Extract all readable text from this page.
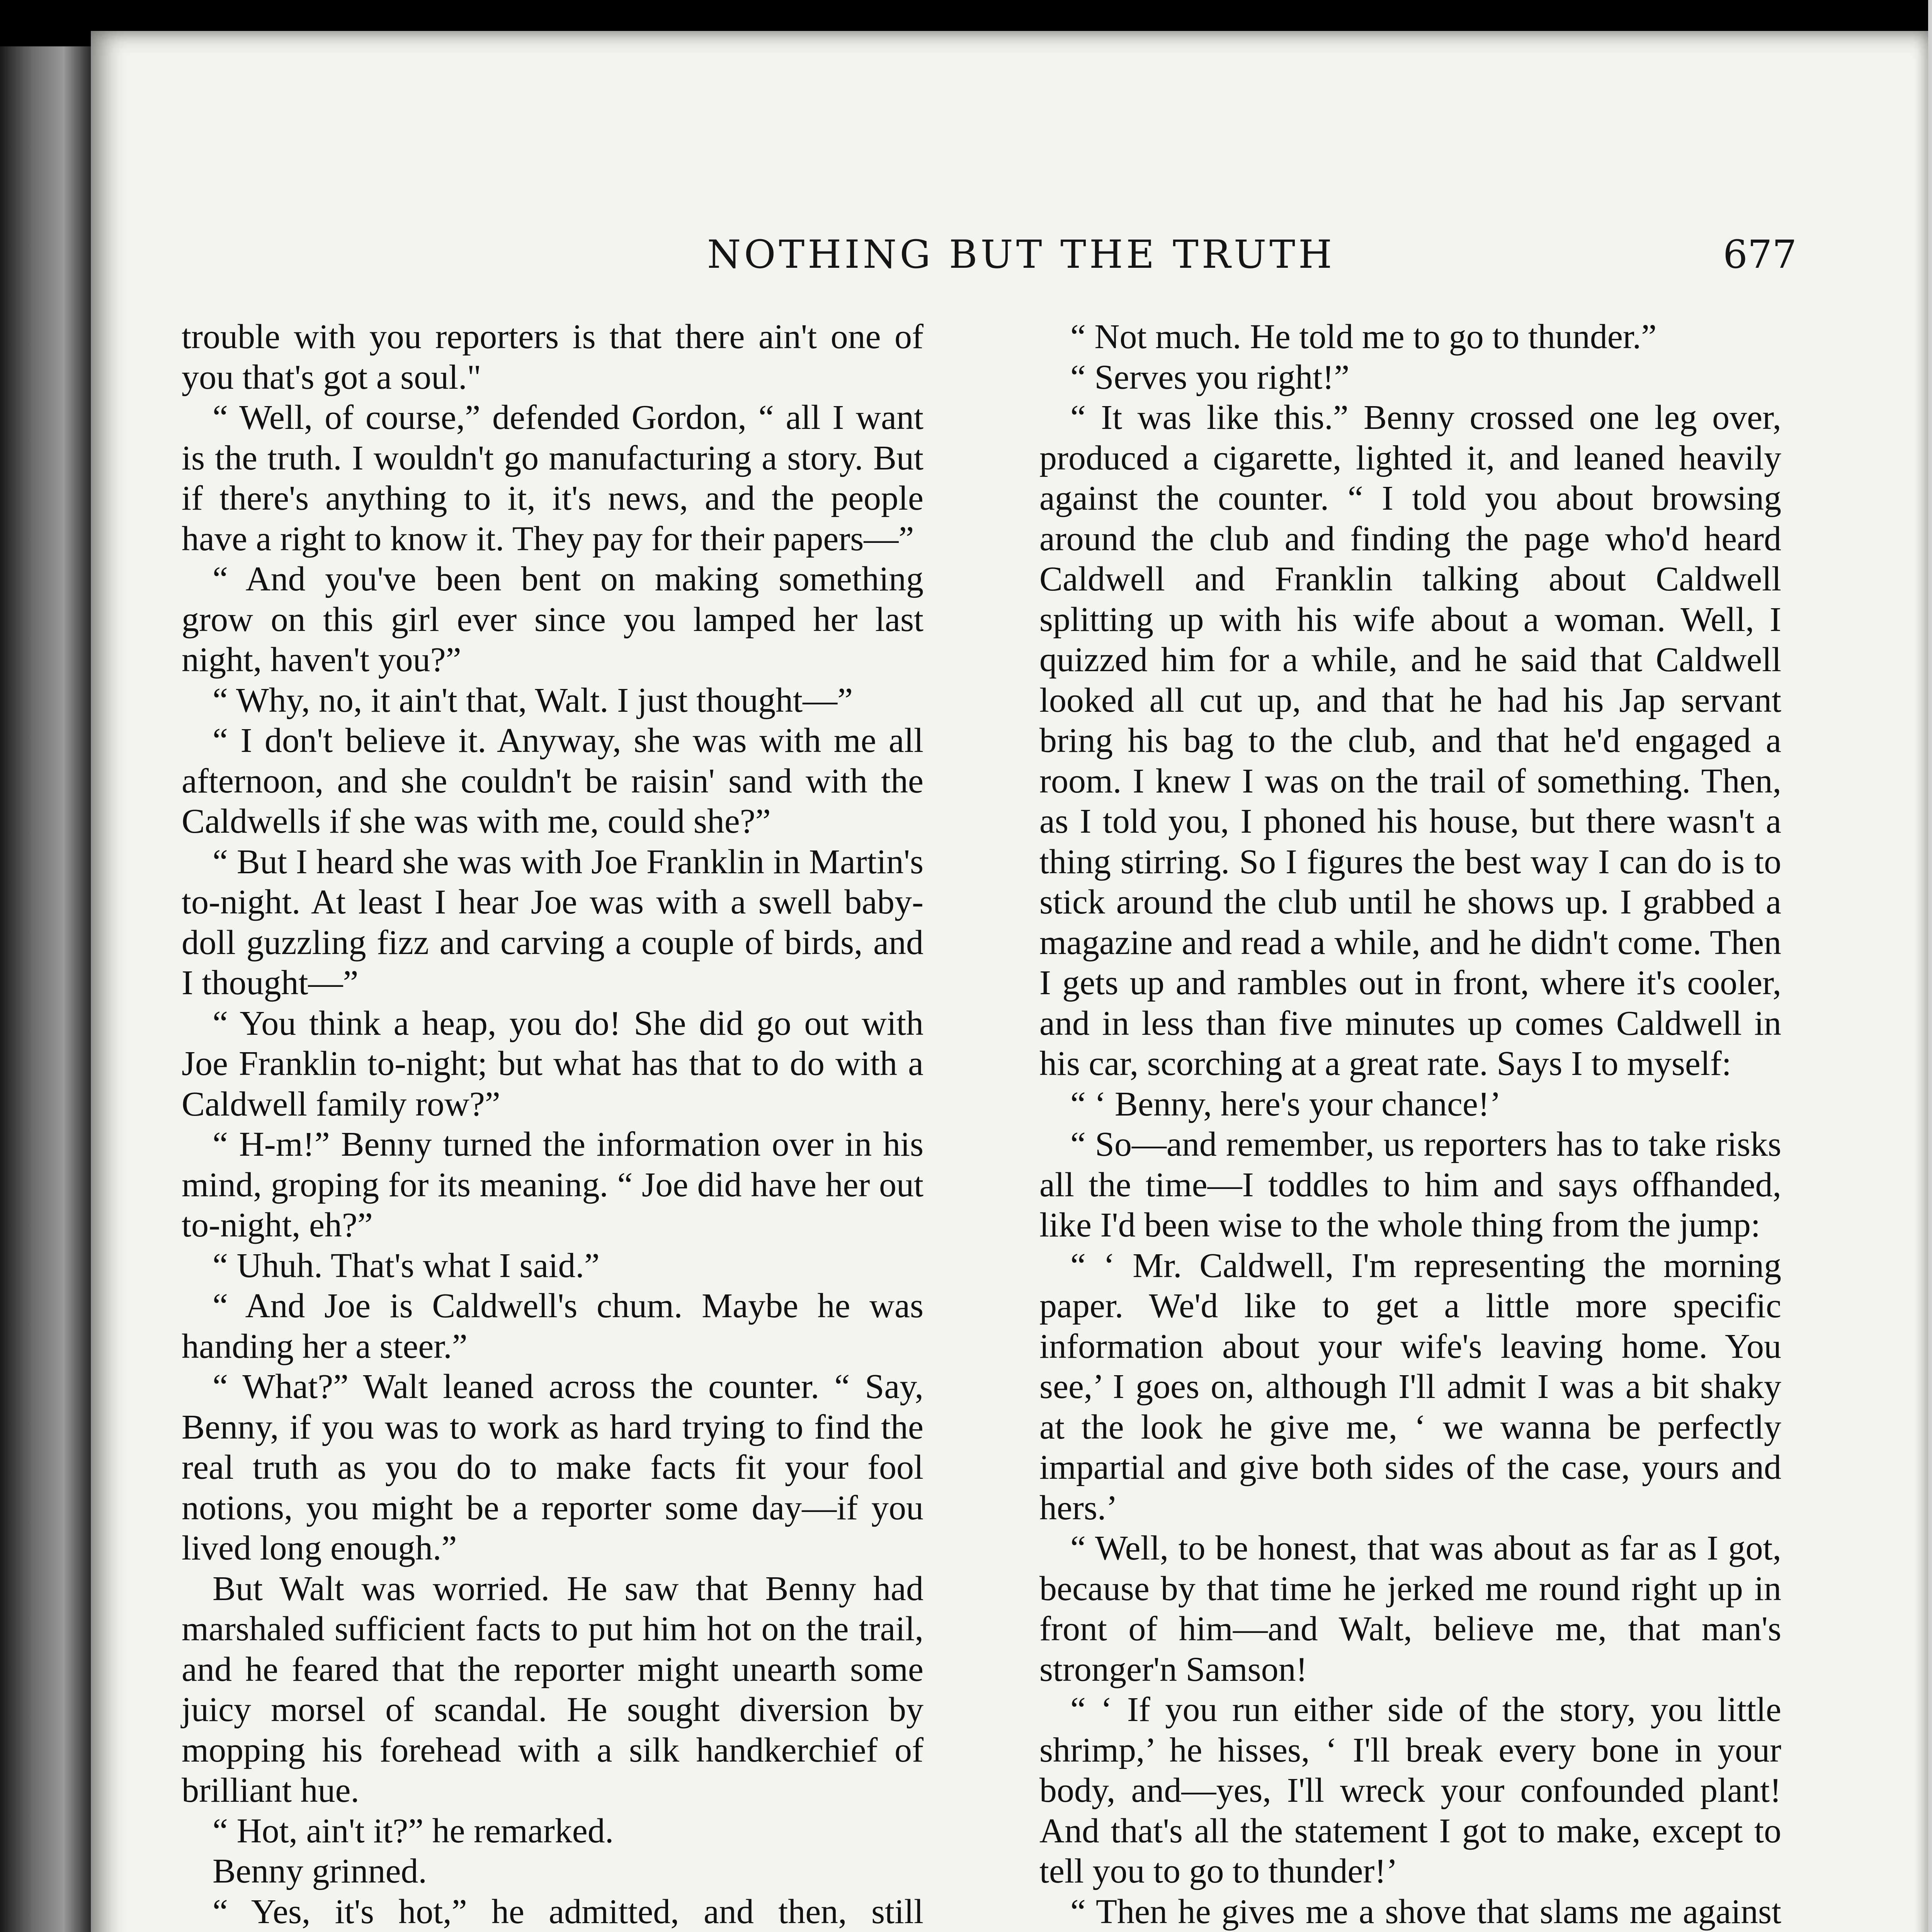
NOTHING BUT THE TRUTH	677

trouble with you reporters is that there ain't one of you that's got a soul."

“ Well, of course,” defended Gordon, “ all I want is the truth. I wouldn't go manufacturing a story. But if there's anything to it, it's news, and the people have a right to know it. They pay for their papers—”

“ And you've been bent on making something grow on this girl ever since you lamped her last night, haven't you?”

“ Why, no, it ain't that, Walt. I just thought—”

“ I don't believe it. Anyway, she was with me all afternoon, and she couldn't be raisin' sand with the Caldwells if she was with me, could she?”

“ But I heard she was with Joe Franklin in Martin's to-night. At least I hear Joe was with a swell baby-doll guzzling fizz and carving a couple of birds, and I thought—”

“ You think a heap, you do! She did go out with Joe Franklin to-night; but what has that to do with a Caldwell family row?”

“ H-m!” Benny turned the information over in his mind, groping for its meaning. “ Joe did have her out to-night, eh?”

“ Uhuh. That's what I said.”

“ And Joe is Caldwell's chum. Maybe he was handing her a steer.”

“ What?” Walt leaned across the counter. “ Say, Benny, if you was to work as hard trying to find the real truth as you do to make facts fit your fool notions, you might be a reporter some day—if you lived long enough.”

But Walt was worried. He saw that Benny had marshaled sufficient facts to put him hot on the trail, and he feared that the reporter might unearth some juicy morsel of scandal. He sought diversion by mopping his forehead with a silk handkerchief of brilliant hue.

“ Hot, ain't it?” he remarked.

Benny grinned.

“ Yes, it's hot,” he admitted, and then, still

“ Not much. He told me to go to thunder.”

“ Serves you right!”

“ It was like this.” Benny crossed one leg over, produced a cigarette, lighted it, and leaned heavily against the counter. “ I told you about browsing around the club and finding the page who'd heard Caldwell and Franklin talking about Caldwell splitting up with his wife about a woman. Well, I quizzed him for a while, and he said that Caldwell looked all cut up, and that he had his Jap servant bring his bag to the club, and that he'd engaged a room. I knew I was on the trail of something. Then, as I told you, I phoned his house, but there wasn't a thing stirring. So I figures the best way I can do is to stick around the club until he shows up. I grabbed a magazine and read a while, and he didn't come. Then I gets up and rambles out in front, where it's cooler, and in less than five minutes up comes Caldwell in his car, scorching at a great rate. Says I to myself:

“ ‘ Benny, here's your chance!’

“ So—and remember, us reporters has to take risks all the time—I toddles to him and says offhanded, like I'd been wise to the whole thing from the jump:

“ ‘ Mr. Caldwell, I'm representing the morning paper. We'd like to get a little more specific information about your wife's leaving home. You see,’ I goes on, although I'll admit I was a bit shaky at the look he give me, ‘ we wanna be perfectly impartial and give both sides of the case, yours and hers.’

“ Well, to be honest, that was about as far as I got, because by that time he jerked me round right up in front of him—and Walt, believe me, that man's stronger'n Samson!

“ ‘ If you run either side of the story, you little shrimp,’ he hisses, ‘ I'll break every bone in your body, and—yes, I'll wreck your confounded plant! And that's all the statement I got to make, except to tell you to go to thunder!’

“ Then he gives me a shove that slams me against
